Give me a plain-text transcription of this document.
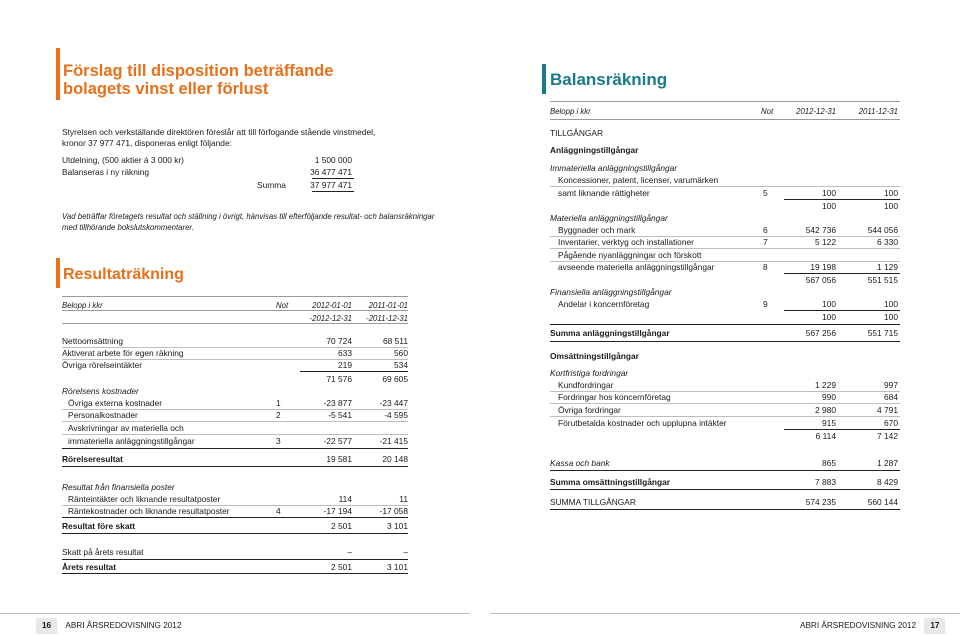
Förslag till disposition beträffande
bolagets vinst eller förlust
Styrelsen och verkställande direktören föreslår att till förfogande stående vinstmedel,
kronor 37 977 471, disponeras enligt följande:
Utdelning, (500 aktier á 3 000 kr)	1 500 000
Balanseras i ny räkning	36 477 471
Summa	37 977 471
Vad beträffar företagets resultat och ställning i övrigt, hänvisas till efterföljande resultat- och balansräkningar
med tillhörande bokslutskommentarer.
Resultaträkning
Belopp i kkr	Not	2012-01-01	2011-01-01
-2012-12-31	-2011-12-31
Nettoomsättning	70 724	68 511
Aktiverat arbete för egen räkning	633	560
Övriga rörelseintäkter	219	534
71 576	69 605
Rörelsens kostnader
Övriga externa kostnader	1	-23 877	-23 447
Personalkostnader	2	-5 541	-4 595
Avskrivningar av materiella och
immateriella anläggningstillgångar	3	-22 577	-21 415
Rörelseresultat	19 581	20 148
Resultat från finansiella poster
Ränteintäkter och liknande resultatposter	114	11
Räntekostnader och liknande resultatposter	4	-17 194	-17 058
Resultat före skatt	2 501	3 101
Skatt på årets resultat	–	–
Årets resultat	2 501	3 101
16 ABRI ÅRSREDOVISNING 2012
Balansräkning
Belopp i kkr	Not	2012-12-31	2011-12-31
TILLGÅNGAR
Anläggningstillgångar
Immateriella anläggningstillgångar
Koncessioner, patent, licenser, varumärken
samt liknande rättigheter	5	100	100
100	100
Materiella anläggningstillgångar
Byggnader och mark	6	542 736	544 056
Inventarier, verktyg och installationer	7	5 122	6 330
Pågående nyanläggningar och förskott
avseende materiella anläggningstillgångar	8	19 198	1 129
567 056	551 515
Finansiella anläggningstillgångar
Andelar i koncernföretag	9	100	100
100	100
Summa anläggningstillgångar	567 256	551 715
Omsättningstillgångar
Kortfristiga fordringar
Kundfordringar	1 229	997
Fordringar hos koncernföretag	990	684
Övriga fordringar	2 980	4 791
Förutbetalda kostnader och upplupna intäkter	915	670
6 114	7 142
Kassa och bank	865	1 287
Summa omsättningstillgångar	7 883	8 429
SUMMA TILLGÅNGAR	574 235	560 144
ABRI ÅRSREDOVISNING 2012 17
